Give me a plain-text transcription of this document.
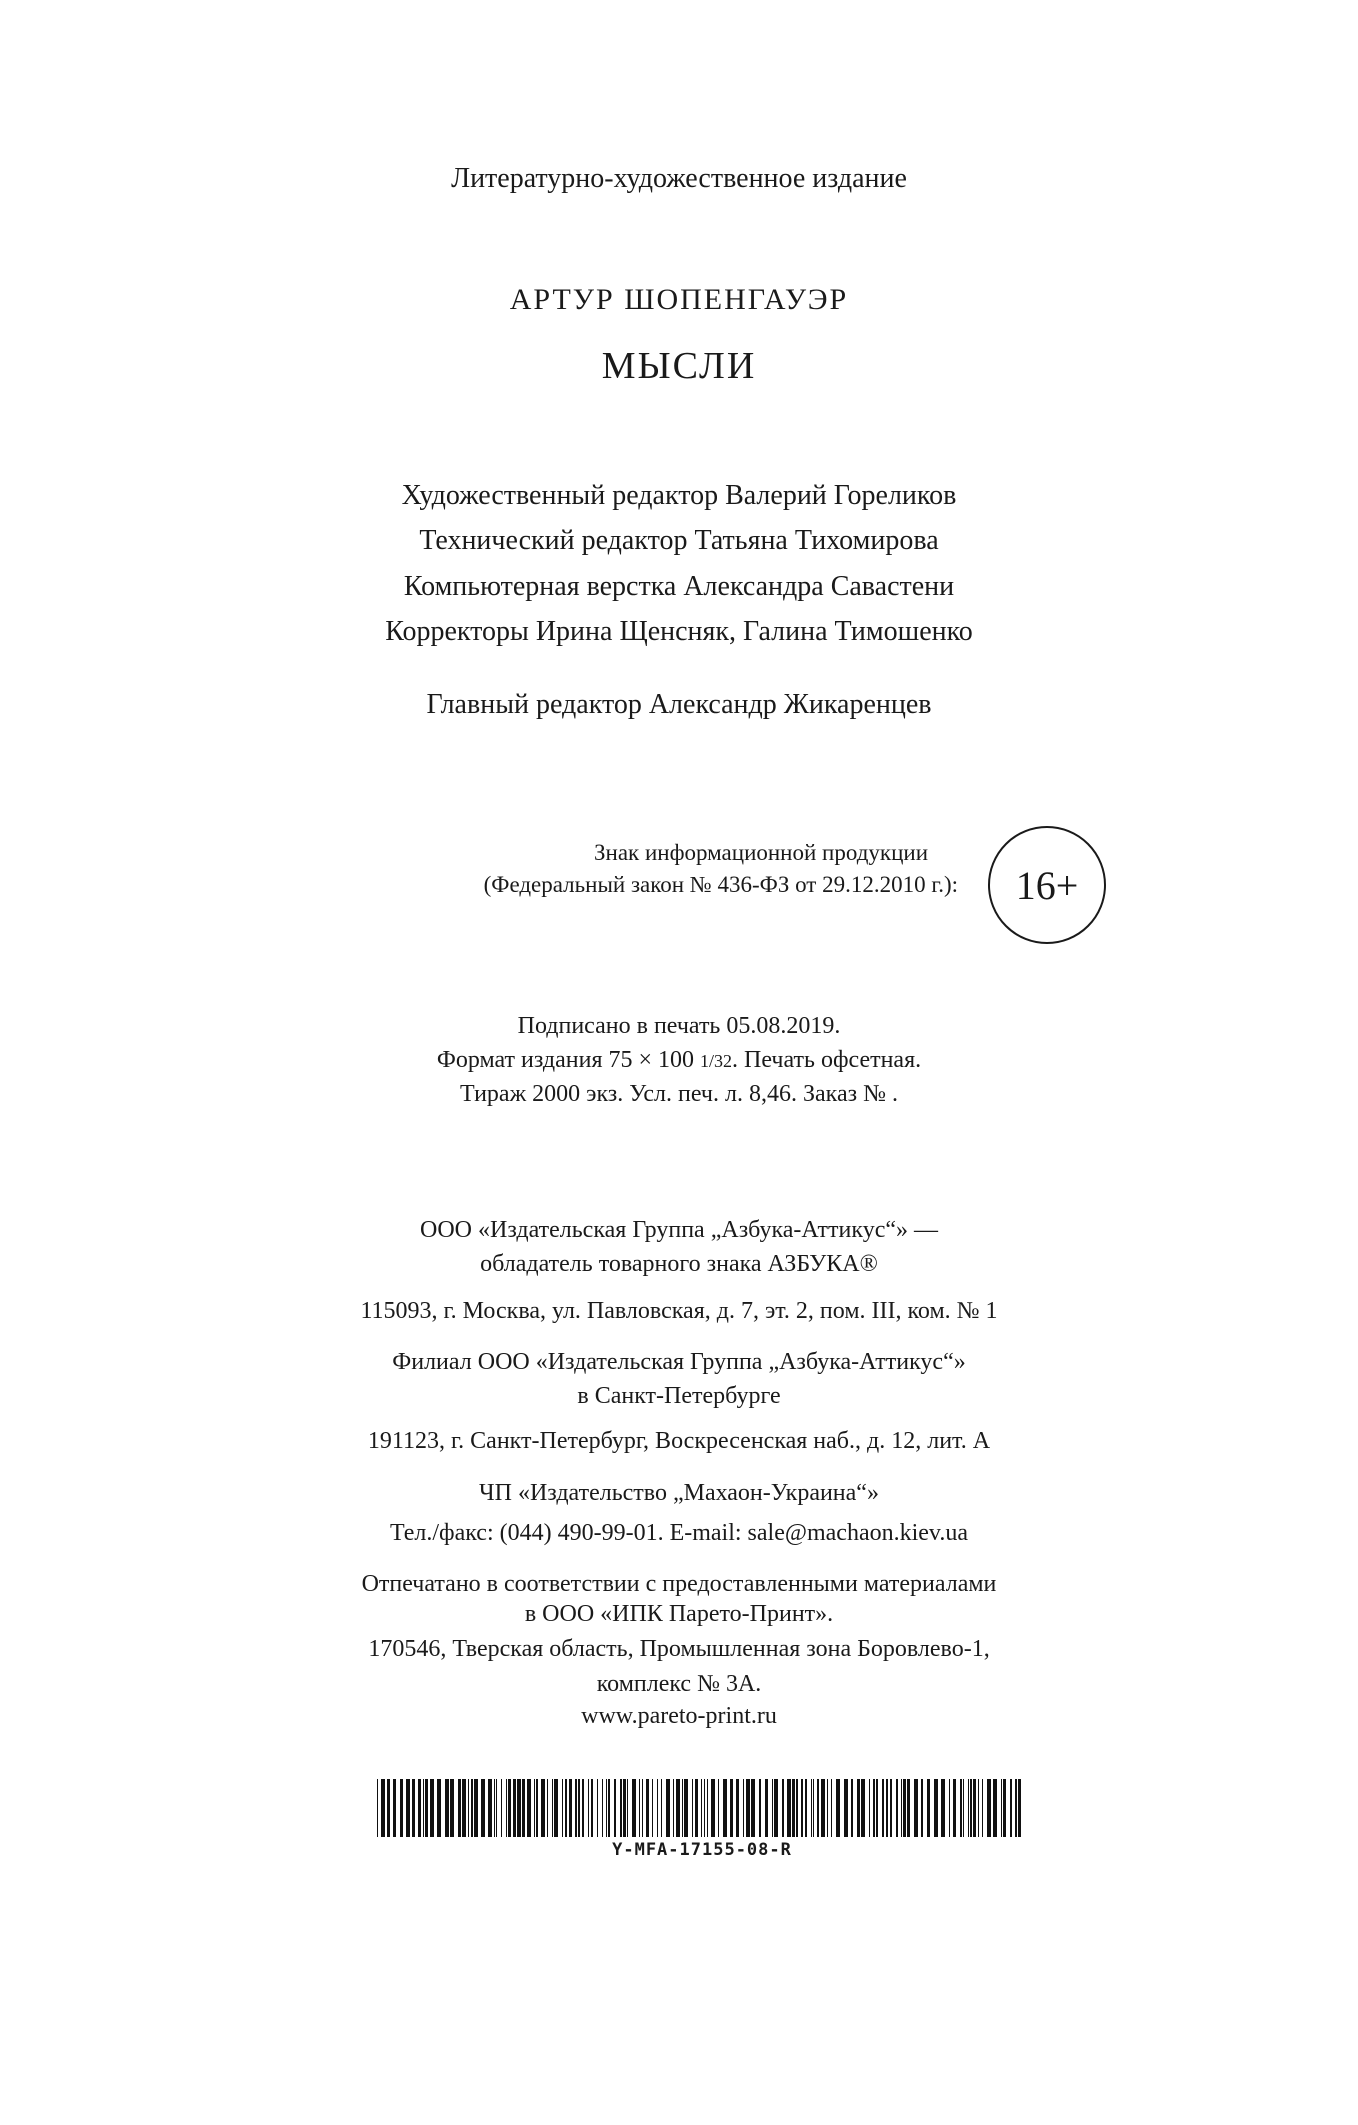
Литературно-художественное издание
АРТУР ШОПЕНГАУЭР
МЫСЛИ
Художественный редактор Валерий Гореликов
Технический редактор Татьяна Тихомирова
Компьютерная верстка Александра Савастени
Корректоры Ирина Щенсняк, Галина Тимошенко
Главный редактор Александр Жикаренцев
Знак информационной продукции
(Федеральный закон № 436-ФЗ от 29.12.2010 г.):	16+
Подписано в печать 05.08.2019.
Формат издания 75 × 100 1/32. Печать офсетная.
Тираж 2000 экз. Усл. печ. л. 8,46. Заказ № .
ООО «Издательская Группа „Азбука-Аттикус“» —
обладатель товарного знака АЗБУКА®
115093, г. Москва, ул. Павловская, д. 7, эт. 2, пом. III, ком. № 1
Филиал ООО «Издательская Группа „Азбука-Аттикус“»
в Санкт-Петербурге
191123, г. Санкт-Петербург, Воскресенская наб., д. 12, лит. А
ЧП «Издательство „Махаон-Украина“»
Тел./факс: (044) 490-99-01. E-mail: sale@machaon.kiev.ua
Отпечатано в соответствии с предоставленными материалами
в ООО «ИПК Парето-Принт».
170546, Тверская область, Промышленная зона Боровлево-1,
комплекс № 3А.
www.pareto-print.ru
Y-MFA-17155-08-R
